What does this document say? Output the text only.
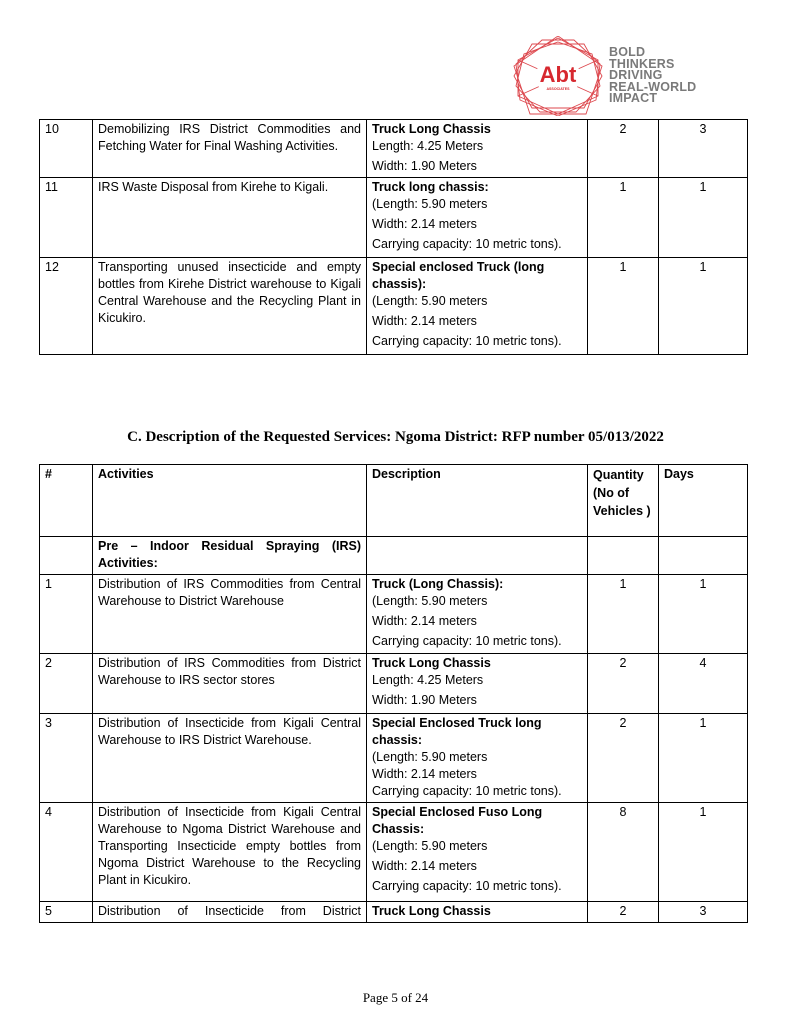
Abt
ASSOCIATES
BOLD
THINKERS
DRIVING
REAL-WORLD
IMPACT
10	Demobilizing IRS District Commodities and Fetching Water for Final Washing Activities.	Truck Long Chassis
Length: 4.25 Meters
Width: 1.90 Meters	2	3
11	IRS Waste Disposal from Kirehe to Kigali.	Truck long chassis:
(Length: 5.90 meters
Width: 2.14 meters
Carrying capacity: 10 metric tons).	1	1
12	Transporting unused insecticide and empty bottles from Kirehe District warehouse to Kigali Central Warehouse and the Recycling Plant in Kicukiro.	Special enclosed Truck (long chassis):
(Length: 5.90 meters
Width: 2.14 meters
Carrying capacity: 10 metric tons).	1	1
C. Description of the Requested Services: Ngoma District: RFP number 05/013/2022
#	Activities	Description	Quantity (No of Vehicles )	Days
	Pre – Indoor Residual Spraying (IRS) Activities:			
1	Distribution of IRS Commodities from Central Warehouse to District Warehouse	Truck (Long Chassis):
(Length: 5.90 meters
Width: 2.14 meters
Carrying capacity: 10 metric tons).	1	1
2	Distribution of IRS Commodities from District Warehouse to IRS sector stores	Truck Long Chassis
Length: 4.25 Meters
Width: 1.90 Meters	2	4
3	Distribution of Insecticide from Kigali Central Warehouse to IRS District Warehouse.	Special Enclosed Truck long chassis:
(Length: 5.90 meters
Width: 2.14 meters
Carrying capacity: 10 metric tons).	2	1
4	Distribution of Insecticide from Kigali Central Warehouse to Ngoma District Warehouse and Transporting Insecticide empty bottles from Ngoma District Warehouse to the Recycling Plant in Kicukiro.	Special Enclosed Fuso Long Chassis:
(Length: 5.90 meters
Width: 2.14 meters
Carrying capacity: 10 metric tons).	8	1
5	Distribution of Insecticide from District	Truck Long Chassis	2	3
Page 5 of 24
